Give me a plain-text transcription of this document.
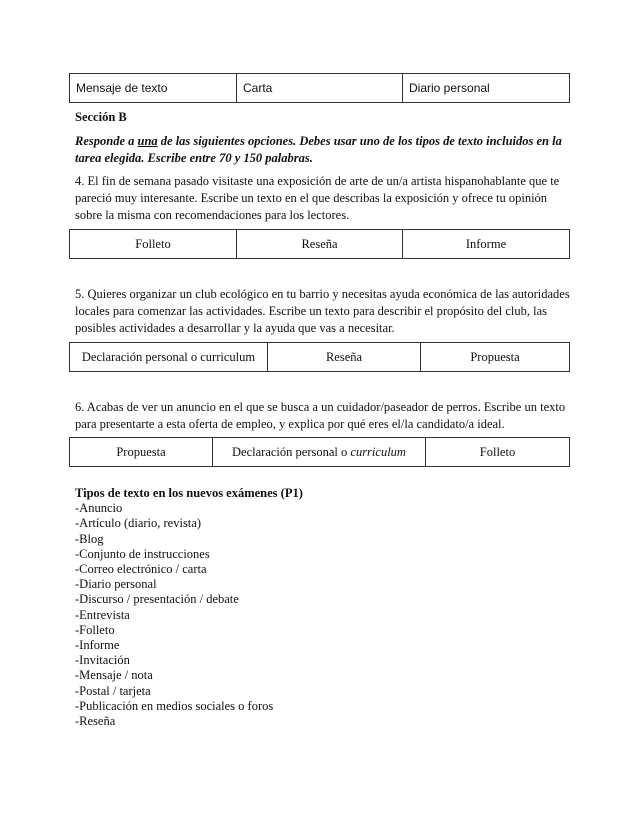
Mensaje de texto	Carta	Diario personal
Sección B
Responde a una de las siguientes opciones. Debes usar uno de los tipos de texto incluidos en la tarea elegida. Escribe entre 70 y 150 palabras.
4. El fin de semana pasado visitaste una exposición de arte de un/a artista hispanohablante que te pareció muy interesante. Escribe un texto en el que describas la exposición y ofrece tu opinión sobre la misma con recomendaciones para los lectores.
Folleto	Reseña	Informe
5. Quieres organizar un club ecológico en tu barrio y necesitas ayuda económica de las autoridades locales para comenzar las actividades. Escribe un texto para describir el propósito del club, las posibles actividades a desarrollar y la ayuda que vas a necesitar.
Declaración personal o curriculum	Reseña	Propuesta
6. Acabas de ver un anuncio en el que se busca a un cuidador/paseador de perros. Escribe un texto para presentarte a esta oferta de empleo, y explica por qué eres el/la candidato/a ideal.
Propuesta	Declaración personal o curriculum	Folleto
Tipos de texto en los nuevos exámenes (P1)
-Anuncio
-Artículo (diario, revista)
-Blog
-Conjunto de instrucciones
-Correo electrónico / carta
-Diario personal
-Discurso / presentación / debate
-Entrevista
-Folleto
-Informe
-Invitación
-Mensaje / nota
-Postal / tarjeta
-Publicación en medios sociales o foros
-Reseña
